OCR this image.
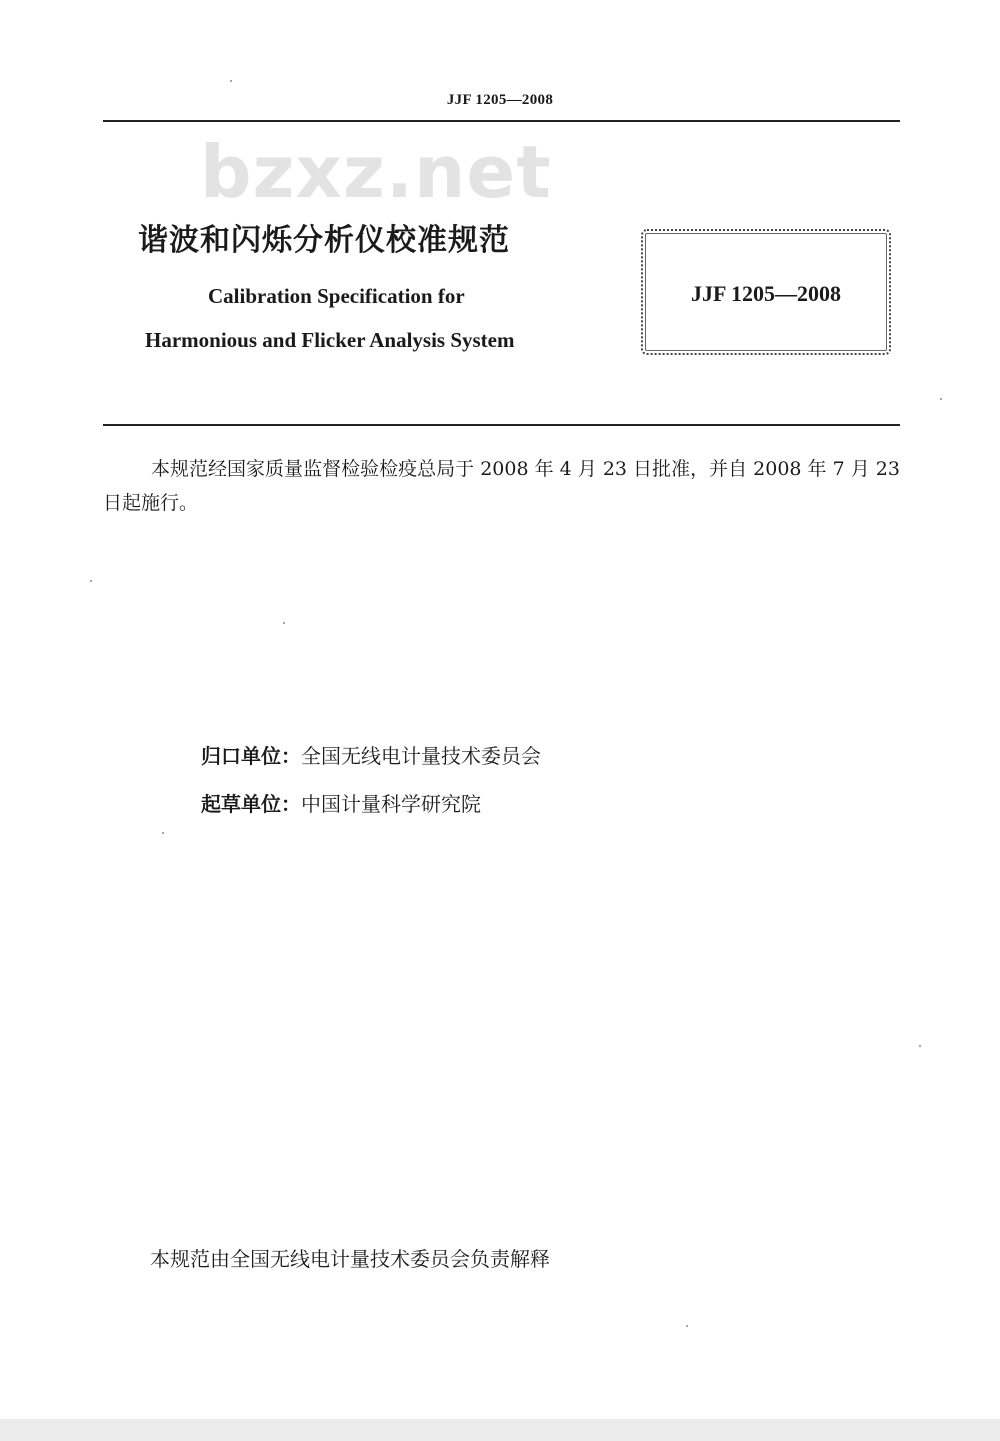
JJF 1205—2008
bzxz.net
谐波和闪烁分析仪校准规范
Calibration Specification for
Harmonious and Flicker Analysis System
JJF 1205—2008
本规范经国家质量监督检验检疫总局于 2008 年 4 月 23 日批准，并自 2008 年 7 月 23 日起施行。
归口单位：全国无线电计量技术委员会
起草单位：中国计量科学研究院
本规范由全国无线电计量技术委员会负责解释
